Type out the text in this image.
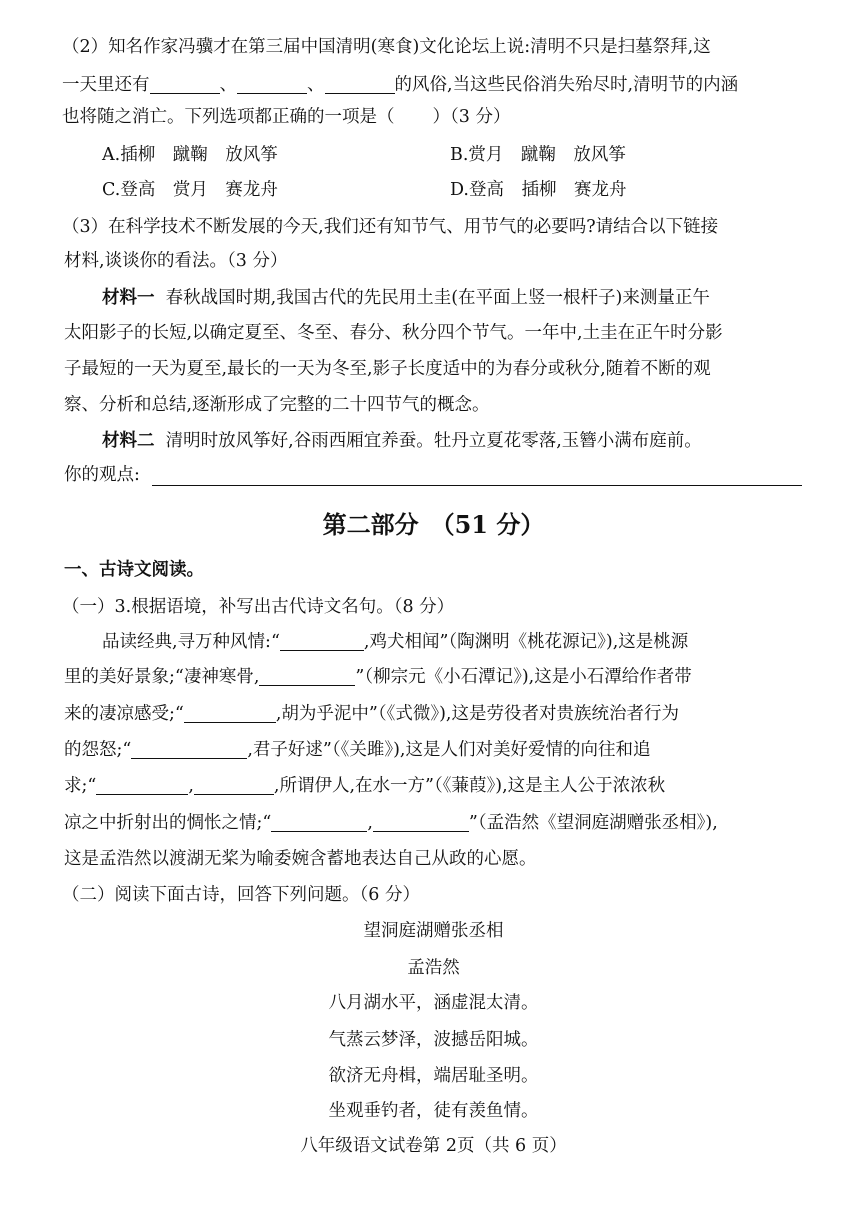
（2）知名作家冯骥才在第三届中国清明(寒食)文化论坛上说:清明不只是扫墓祭拜,这
一天里还有	、	、	的风俗,当这些民俗消失殆尽时,清明节的内涵
也将随之消亡。下列选项都正确的一项是（ ）（3 分）
A.插柳　蹴鞠　放风筝	B.赏月　蹴鞠　放风筝
C.登高　赏月　赛龙舟	D.登高　插柳　赛龙舟
（3）在科学技术不断发展的今天,我们还有知节气、用节气的必要吗?请结合以下链接
材料,谈谈你的看法。（3 分）
材料一 春秋战国时期,我国古代的先民用土圭(在平面上竖一根杆子)来测量正午
太阳影子的长短,以确定夏至、冬至、春分、秋分四个节气。一年中,土圭在正午时分影
子最短的一天为夏至,最长的一天为冬至,影子长度适中的为春分或秋分,随着不断的观
察、分析和总结,逐渐形成了完整的二十四节气的概念。
材料二 清明时放风筝好,谷雨西厢宜养蚕。牡丹立夏花零落,玉簪小满布庭前。
你的观点:
第二部分　（51 分）
一、古诗文阅读。
（一）3.根据语境，补写出古代诗文名句。（8 分）
品读经典,寻万种风情:“	,鸡犬相闻”（陶渊明《桃花源记》),这是桃源
里的美好景象;“凄神寒骨,	”（柳宗元《小石潭记》),这是小石潭给作者带
来的凄凉感受;“	,胡为乎泥中”（《式微》),这是劳役者对贵族统治者行为
的怨怒;“	,君子好逑”（《关雎》),这是人们对美好爱情的向往和追
求;“	,	,所谓伊人,在水一方”（《蒹葭》),这是主人公于浓浓秋
凉之中折射出的惆怅之情;“	,	”（孟浩然《望洞庭湖赠张丞相》),
这是孟浩然以渡湖无桨为喻委婉含蓄地表达自己从政的心愿。
（二）阅读下面古诗，回答下列问题。（6 分）
望洞庭湖赠张丞相
孟浩然
八月湖水平，涵虚混太清。
气蒸云梦泽，波撼岳阳城。
欲济无舟楫，端居耻圣明。
坐观垂钓者，徒有羡鱼情。
八年级语文试卷第 2页（共 6 页）
